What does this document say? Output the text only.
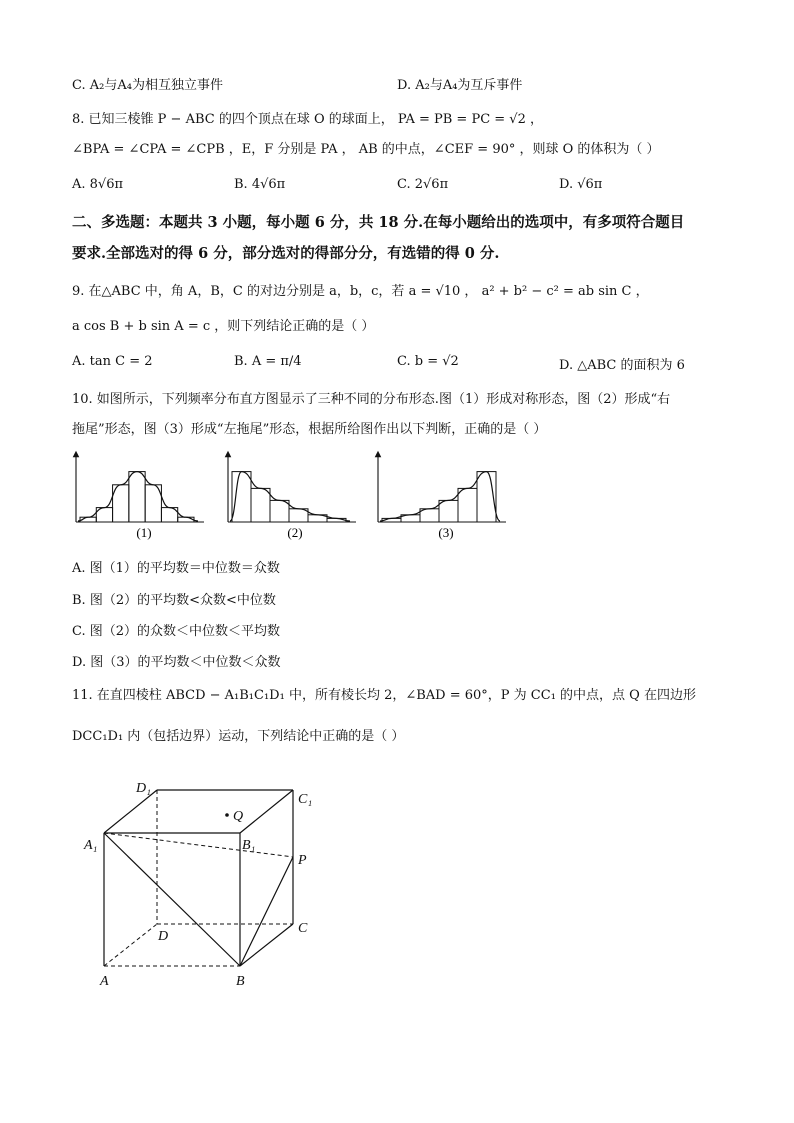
C. A₂与A₄为相互独立事件	D. A₂与A₄为互斥事件
8. 已知三棱锥 P − ABC 的四个顶点在球 O 的球面上， PA = PB = PC = √2 ，
∠BPA = ∠CPA = ∠CPB ，E，F 分别是 PA ， AB 的中点，∠CEF = 90° ，则球 O 的体积为（ ）
A. 8√6π	B. 4√6π	C. 2√6π	D. √6π
二、多选题：本题共 3 小题，每小题 6 分，共 18 分.在每小题给出的选项中，有多项符合题目
要求.全部选对的得 6 分，部分选对的得部分分，有选错的得 0 分.
9. 在△ABC 中，角 A，B，C 的对边分别是 a，b，c，若 a = √10 ， a² + b² − c² = ab sin C ，
a cos B + b sin A = c ，则下列结论正确的是（ ）
A. tan C = 2	B. A = π/4	C. b = √2	D. △ABC 的面积为 6
10. 如图所示，下列频率分布直方图显示了三种不同的分布形态.图（1）形成对称形态，图（2）形成“右
拖尾”形态，图（3）形成“左拖尾”形态，根据所给图作出以下判断，正确的是（ ）
(1)	(2)	(3)
A. 图（1）的平均数＝中位数＝众数
B. 图（2）的平均数<众数<中位数
C. 图（2）的众数＜中位数＜平均数
D. 图（3）的平均数＜中位数＜众数
11. 在直四棱柱 ABCD − A₁B₁C₁D₁ 中，所有棱长均 2，∠BAD = 60°，P 为 CC₁ 的中点，点 Q 在四边形
DCC₁D₁ 内（包括边界）运动，下列结论中正确的是（ ）
D₁
C₁
Q
A₁	B₁
P
D
C
A	B
